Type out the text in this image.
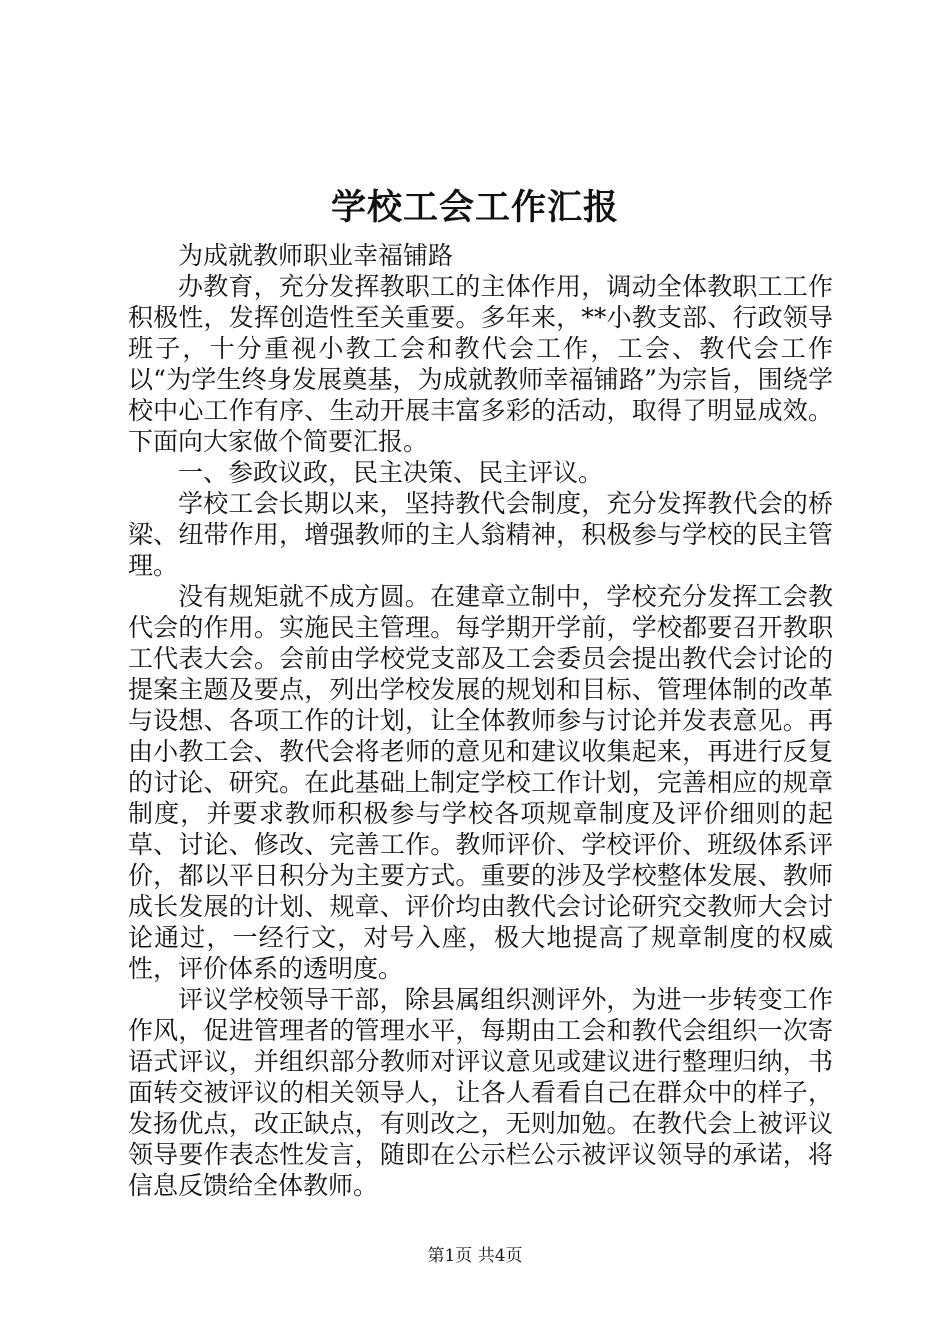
学校工会工作汇报

为成就教师职业幸福铺路

办教育，充分发挥教职工的主体作用，调动全体教职工工作积极性，发挥创造性至关重要。多年来，**小教支部、行政领导班子，十分重视小教工会和教代会工作，工会、教代会工作以“为学生终身发展奠基，为成就教师幸福铺路”为宗旨，围绕学校中心工作有序、生动开展丰富多彩的活动，取得了明显成效。下面向大家做个简要汇报。

一、参政议政，民主决策、民主评议。

学校工会长期以来，坚持教代会制度，充分发挥教代会的桥梁、纽带作用，增强教师的主人翁精神，积极参与学校的民主管理。

没有规矩就不成方圆。在建章立制中，学校充分发挥工会教代会的作用。实施民主管理。每学期开学前，学校都要召开教职工代表大会。会前由学校党支部及工会委员会提出教代会讨论的提案主题及要点，列出学校发展的规划和目标、管理体制的改革与设想、各项工作的计划，让全体教师参与讨论并发表意见。再由小教工会、教代会将老师的意见和建议收集起来，再进行反复的讨论、研究。在此基础上制定学校工作计划，完善相应的规章制度，并要求教师积极参与学校各项规章制度及评价细则的起草、讨论、修改、完善工作。教师评价、学校评价、班级体系评价，都以平日积分为主要方式。重要的涉及学校整体发展、教师成长发展的计划、规章、评价均由教代会讨论研究交教师大会讨论通过，一经行文，对号入座，极大地提高了规章制度的权威性，评价体系的透明度。

评议学校领导干部，除县属组织测评外，为进一步转变工作作风，促进管理者的管理水平，每期由工会和教代会组织一次寄语式评议，并组织部分教师对评议意见或建议进行整理归纳，书面转交被评议的相关领导人，让各人看看自己在群众中的样子，发扬优点，改正缺点，有则改之，无则加勉。在教代会上被评议领导要作表态性发言，随即在公示栏公示被评议领导的承诺，将信息反馈给全体教师。

第1页 共4页
